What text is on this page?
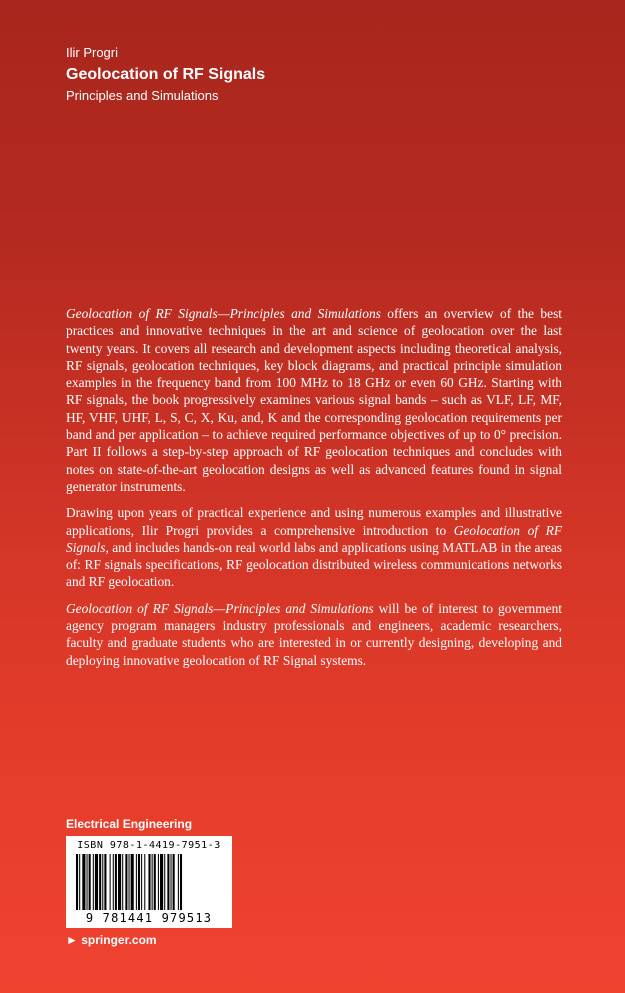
Ilir Progri
Geolocation of RF Signals
Principles and Simulations

Geolocation of RF Signals—Principles and Simulations offers an overview of the best practices and innovative techniques in the art and science of geolocation over the last twenty years. It covers all research and development aspects including theoretical analysis, RF signals, geolocation techniques, key block diagrams, and practical principle simulation examples in the frequency band from 100 MHz to 18 GHz or even 60 GHz. Starting with RF signals, the book progressively examines various signal bands – such as VLF, LF, MF, HF, VHF, UHF, L, S, C, X, Ku, and, K and the corresponding geolocation requirements per band and per application – to achieve required performance objectives of up to 0° precision. Part II follows a step-by-step approach of RF geolocation techniques and concludes with notes on state-of-the-art geolocation designs as well as advanced features found in signal generator instruments.

Drawing upon years of practical experience and using numerous examples and illustrative applications, Ilir Progri provides a comprehensive introduction to Geolocation of RF Signals, and includes hands-on real world labs and applications using MATLAB in the areas of: RF signals specifications, RF geolocation distributed wireless communications networks and RF geolocation.

Geolocation of RF Signals—Principles and Simulations will be of interest to government agency program managers industry professionals and engineers, academic researchers, faculty and graduate students who are interested in or currently designing, developing and deploying innovative geolocation of RF Signal systems.

Electrical Engineering
ISBN 978-1-4419-7951-3
9 781441 979513
► springer.com
